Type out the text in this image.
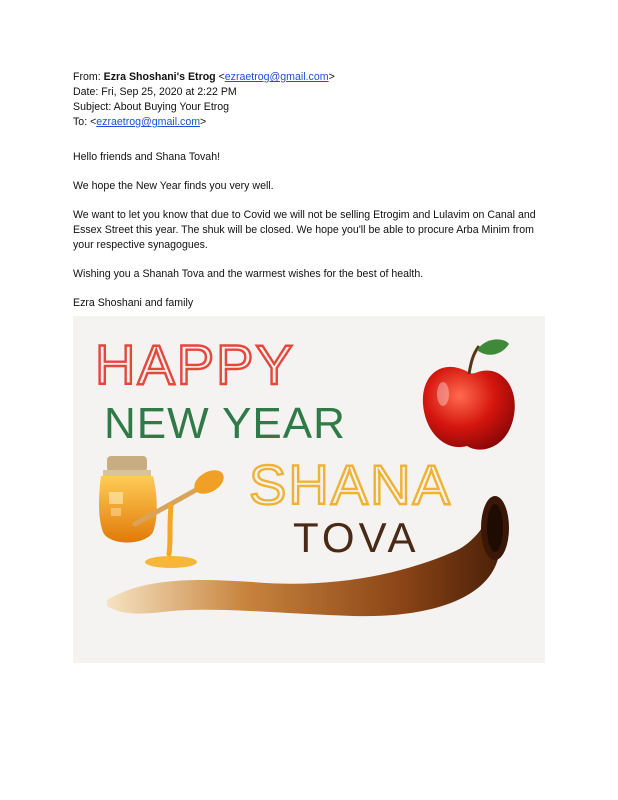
From: Ezra Shoshani's Etrog <ezraetrog@gmail.com>
Date: Fri, Sep 25, 2020 at 2:22 PM
Subject: About Buying Your Etrog
To: <ezraetrog@gmail.com>

Hello friends and Shana Tovah!

We hope the New Year finds you very well.

We want to let you know that due to Covid we will not be selling Etrogim and Lulavim on Canal and Essex Street this year. The shuk will be closed. We hope you'll be able to procure Arba Minim from your respective synagogues.

Wishing you a Shanah Tova and the warmest wishes for the best of health.

Ezra Shoshani and family

HAPPY
NEW YEAR
SHANA
TOVA
